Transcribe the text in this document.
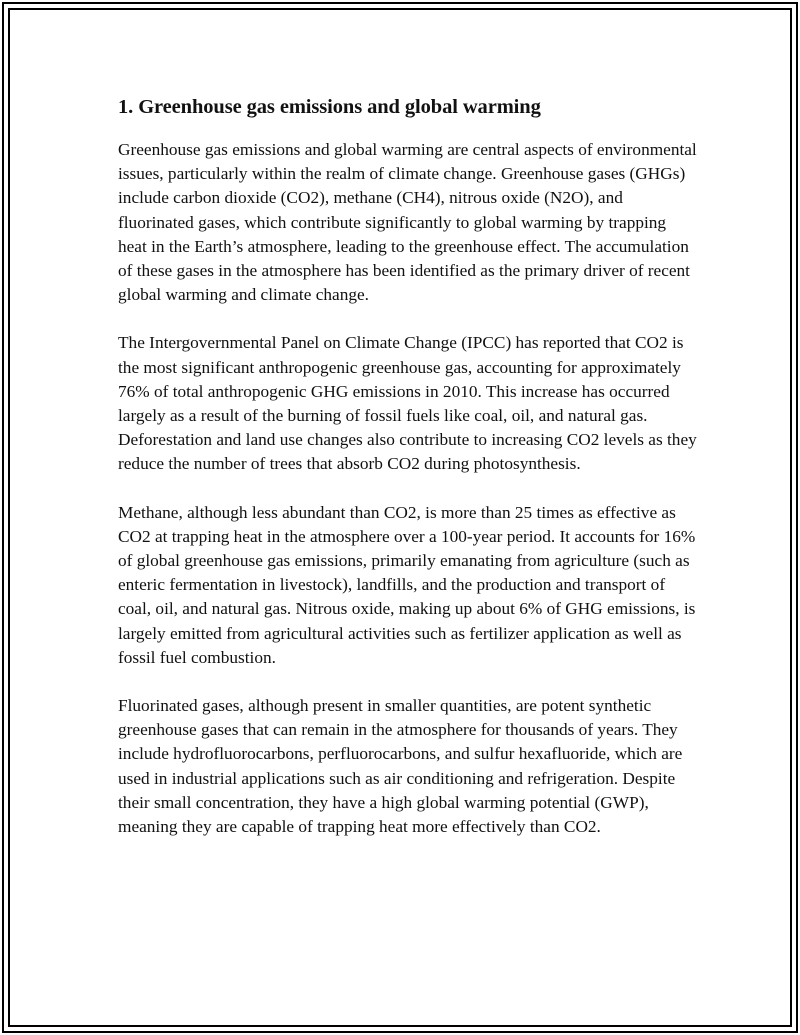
1. Greenhouse gas emissions and global warming

Greenhouse gas emissions and global warming are central aspects of environmental issues, particularly within the realm of climate change. Greenhouse gases (GHGs) include carbon dioxide (CO2), methane (CH4), nitrous oxide (N2O), and fluorinated gases, which contribute significantly to global warming by trapping heat in the Earth’s atmosphere, leading to the greenhouse effect. The accumulation of these gases in the atmosphere has been identified as the primary driver of recent global warming and climate change.

The Intergovernmental Panel on Climate Change (IPCC) has reported that CO2 is the most significant anthropogenic greenhouse gas, accounting for approximately 76% of total anthropogenic GHG emissions in 2010. This increase has occurred largely as a result of the burning of fossil fuels like coal, oil, and natural gas. Deforestation and land use changes also contribute to increasing CO2 levels as they reduce the number of trees that absorb CO2 during photosynthesis.

Methane, although less abundant than CO2, is more than 25 times as effective as CO2 at trapping heat in the atmosphere over a 100-year period. It accounts for 16% of global greenhouse gas emissions, primarily emanating from agriculture (such as enteric fermentation in livestock), landfills, and the production and transport of coal, oil, and natural gas. Nitrous oxide, making up about 6% of GHG emissions, is largely emitted from agricultural activities such as fertilizer application as well as fossil fuel combustion.

Fluorinated gases, although present in smaller quantities, are potent synthetic greenhouse gases that can remain in the atmosphere for thousands of years. They include hydrofluorocarbons, perfluorocarbons, and sulfur hexafluoride, which are used in industrial applications such as air conditioning and refrigeration. Despite their small concentration, they have a high global warming potential (GWP), meaning they are capable of trapping heat more effectively than CO2.
